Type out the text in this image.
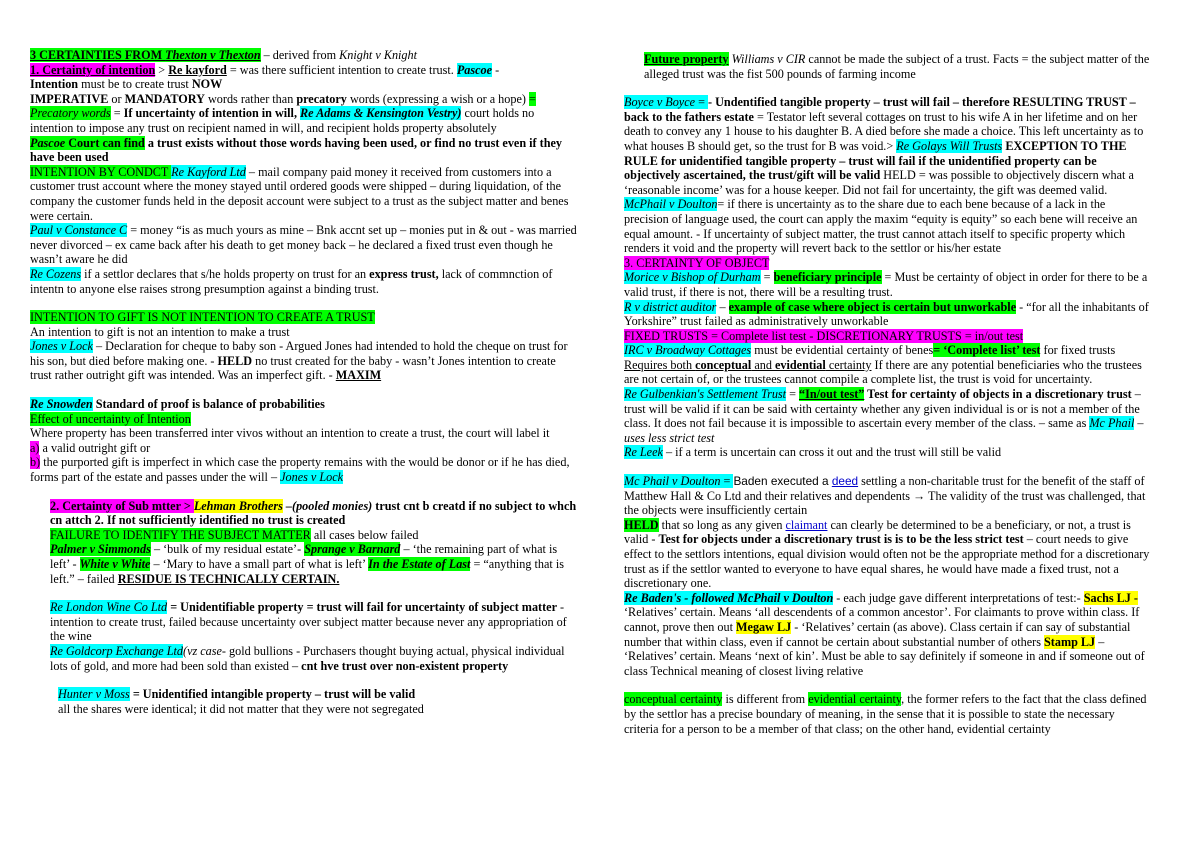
3 CERTAINTIES FROM Thexton v Thexton – derived from Knight v Knight

1. Certainty of intention > Re kayford = was there sufficient intention to create trust. Pascoe -

Intention must be to create trust NOW

IMPERATIVE or MANDATORY words rather than precatory words (expressing a wish or a hope) =

Precatory words = If uncertainty of intention in will, Re Adams & Kensington Vestry) court holds no intention to impose any trust on recipient named in will, and recipient holds property absolutely

Pascoe Court can find a trust exists without those words having been used, or find no trust even if they have been used

INTENTION BY CONDCT Re Kayford Ltd – mail company paid money it received from customers into a customer trust account where the money stayed until ordered goods were shipped – during liquidation, of the company the customer funds held in the deposit account were subject to a trust as the subject matter and benes were certain.

Paul v Constance C = money “is as much yours as mine – Bnk accnt set up – monies put in & out - was married never divorced – ex came back after his death to get money back – he declared a fixed trust even though he wasn’t aware he did

Re Cozens if a settlor declares that s/he holds property on trust for an express trust, lack of commnction of intentn to anyone else raises strong presumption against a binding trust.

INTENTION TO GIFT IS NOT INTENTION TO CREATE A TRUST

An intention to gift is not an intention to make a trust

Jones v Lock – Declaration for cheque to baby son - Argued Jones had intended to hold the cheque on trust for his son, but died before making one. - HELD no trust created for the baby - wasn’t Jones intention to create trust rather outright gift was intended. Was an imperfect gift. - MAXIM

Re Snowden Standard of proof is balance of probabilities

Effect of uncertainty of Intention

Where property has been transferred inter vivos without an intention to create a trust, the court will label it

a) a valid outright gift or

b) the purported gift is imperfect in which case the property remains with the would be donor or if he has died, forms part of the estate and passes under the will – Jones v Lock

2. Certainty of Sub mtter > Lehman Brothers –(pooled monies) trust cnt b creatd if no subject to whch cn attch 2. If not sufficiently identified no trust is created

FAILURE TO IDENTIFY THE SUBJECT MATTER all cases below failed

Palmer v Simmonds – ‘bulk of my residual estate’- Sprange v Barnard – ‘the remaining part of what is left’ - White v White – ‘Mary to have a small part of what is left’ In the Estate of Last = “anything that is left.” – failed RESIDUE IS TECHNICALLY CERTAIN.

Re London Wine Co Ltd = Unidentifiable property = trust will fail for uncertainty of subject matter - intention to create trust, failed because uncertainty over subject matter because never any appropriation of the wine

Re Goldcorp Exchange Ltd(vz case- gold bullions - Purchasers thought buying actual, physical individual lots of gold, and more had been sold than existed – cnt hve trust over non-existent property

Hunter v Moss = Unidentified intangible property – trust will be valid

all the shares were identical; it did not matter that they were not segregated

Future property Williams v CIR cannot be made the subject of a trust. Facts = the subject matter of the alleged trust was the fist 500 pounds of farming income

Boyce v Boyce = - Undentified tangible property – trust will fail – therefore RESULTING TRUST – back to the fathers estate = Testator left several cottages on trust to his wife A in her lifetime and on her death to convey any 1 house to his daughter B. A died before she made a choice. This left uncertainty as to what houses B should get, so the trust for B was void.> Re Golays Will Trusts EXCEPTION TO THE RULE for unidentified tangible property – trust will fail if the unidentified property can be objectively ascertained, the trust/gift will be valid HELD = was possible to objectively discern what a ‘reasonable income’ was for a house keeper. Did not fail for uncertainty, the gift was deemed valid.

McPhail v Doulton= if there is uncertainty as to the share due to each bene because of a lack in the precision of language used, the court can apply the maxim “equity is equity” so each bene will receive an equal amount. - If uncertainty of subject matter, the trust cannot attach itself to specific property which renders it void and the property will revert back to the settlor or his/her estate

3. CERTAINTY OF OBJECT

Morice v Bishop of Durham = beneficiary principle = Must be certainty of object in order for there to be a valid trust, if there is not, there will be a resulting trust.

R v district auditor – example of case where object is certain but unworkable - “for all the inhabitants of Yorkshire” trust failed as administratively unworkable

FIXED TRUSTS = Complete list test - DISCRETIONARY TRUSTS = in/out test

IRC v Broadway Cottages must be evidential certainty of benes= ‘Complete list’ test for fixed trusts Requires both conceptual and evidential certainty If there are any potential beneficiaries who the trustees are not certain of, or the trustees cannot compile a complete list, the trust is void for uncertainty.

Re Gulbenkian's Settlement Trust = “In/out test” Test for certainty of objects in a discretionary trust – trust will be valid if it can be said with certainty whether any given individual is or is not a member of the class. It does not fail because it is impossible to ascertain every member of the class. – same as Mc Phail – uses less strict test

Re Leek – if a term is uncertain can cross it out and the trust will still be valid

Mc Phail v Doulton = Baden executed a deed settling a non-charitable trust for the benefit of the staff of Matthew Hall & Co Ltd and their relatives and dependents → The validity of the trust was challenged, that the objects were insufficiently certain

HELD that so long as any given claimant can clearly be determined to be a beneficiary, or not, a trust is valid - Test for objects under a discretionary trust is is to be the less strict test – court needs to give effect to the settlors intentions, equal division would often not be the appropriate method for a discretionary trust as if the settlor wanted to everyone to have equal shares, he would have made a fixed trust, not a discretionary one.

Re Baden's - followed McPhail v Doulton - each judge gave different interpretations of test:- Sachs LJ - ‘Relatives’ certain. Means ‘all descendents of a common ancestor’. For claimants to prove within class. If cannot, prove then out Megaw LJ - ‘Relatives’ certain (as above). Class certain if can say of substantial number that within class, even if cannot be certain about substantial number of others Stamp LJ – ‘Relatives’ certain. Means ‘next of kin’. Must be able to say definitely if someone in and if someone out of class Technical meaning of closest living relative

conceptual certainty is different from evidential certainty, the former refers to the fact that the class defined by the settlor has a precise boundary of meaning, in the sense that it is possible to state the necessary criteria for a person to be a member of that class; on the other hand, evidential certainty
